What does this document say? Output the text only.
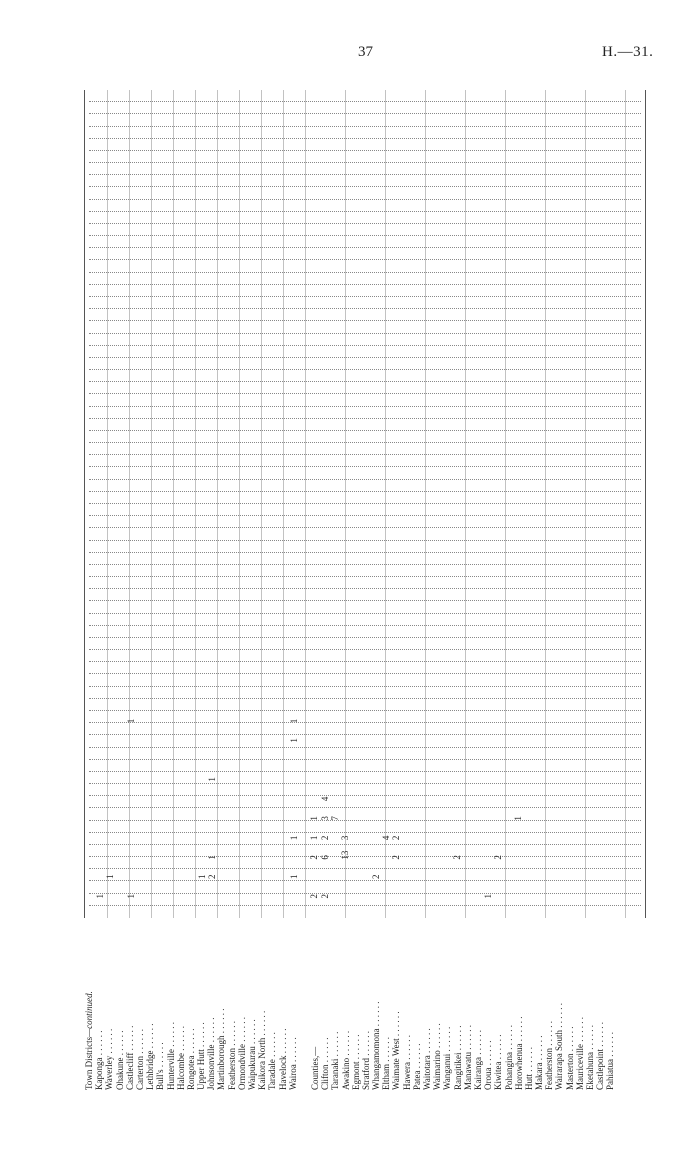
37	H.—31.
Town Districts—continued.
Kaponga . . . . . . Waverley . . . . . . Ohakune . . . . . . Castlecliff . . . . . . Carterton . . . . . . Lethbridge . . . . . . Bull's . . . . . . Hunterville . . . . . . Halcombe . . . . . . Rongotea . . . . . . Upper Hutt . . . . . . Johnsonville . . . . . . Martinborough . . . . . . Featherston . . . . . . Ormondville . . . . . . Waipukurau . . . . . . Kaikora North . . . . . . Taradale . . . . . . Havelock . . . . . . Wairoa . . . . . . Counties,— Clifton . . . . . . Taranaki . . . . . . Awakino . . . . . . Egmont . . . . . . Stratford . . . . . . Whangamomona . . . . . . Eltham . . . . . . Waimate West . . . . . . Hawera . . . . . . Patea . . . . . . Waitotara . . . . . . Waimarino . . . . . . Wanganui . . . . . . Rangitikei . . . . . . Manawatu . . . . . . Kairanga . . . . . . Oroua . . . . . . Kiwitea . . . . . . Pohangina . . . . . . Horowhenua . . . . . . Hutt . . . . . . Makara . . . . . . Featherston . . . . . . Wairarapa South . . . . . . Masterton . . . . . . Mauriceville . . . . . . Eketahuna . . . . . . Castlepoint . . . . . . Pahiatua . . . . . .
1
1
1
1
1 2
1
1
1
1
1
1
2
2
1
1
2
6
2
3
4
7
13
3
2
4 2
2	2
1
2
1
